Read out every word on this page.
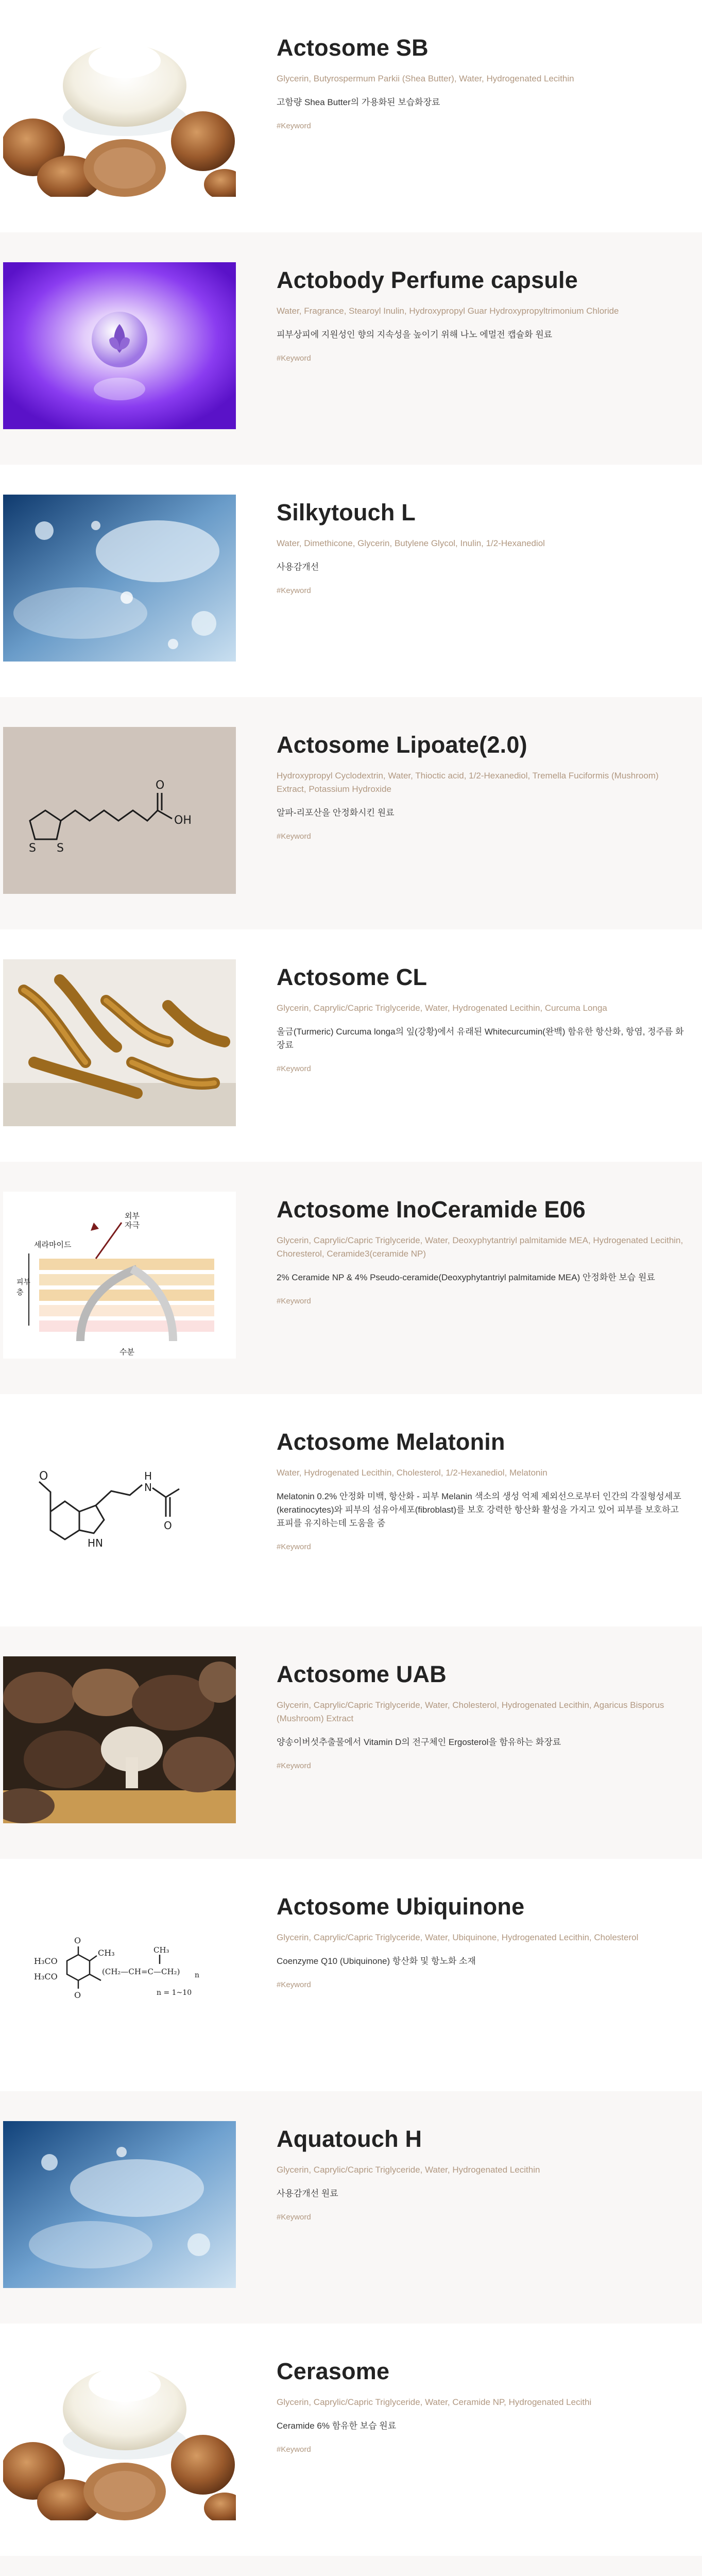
Actosome SB
Glycerin, Butyrospermum Parkii (Shea Butter), Water, Hydrogenated Lecithin
고함량 Shea Butter의 가용화된 보습화장료
#Keyword
Actobody Perfume capsule
Water, Fragrance, Stearoyl Inulin, Hydroxypropyl Guar Hydroxypropyltrimonium Chloride
피부상피에 지원성인 향의 지속성을 높이기 위해 나노 에멀전 캡슐화 원료
#Keyword
Silkytouch L
Water, Dimethicone, Glycerin, Butylene Glycol, Inulin, 1/2-Hexanediol
사용감개선
#Keyword
S S
O
OH
Actosome Lipoate(2.0)
Hydroxypropyl Cyclodextrin, Water, Thioctic acid, 1/2-Hexanediol, Tremella Fuciformis (Mushroom) Extract, Potassium Hydroxide
알파-리포산을 안정화시킨 원료
#Keyword
Actosome CL
Glycerin, Caprylic/Capric Triglyceride, Water, Hydrogenated Lecithin, Curcuma Longa
울금(Turmeric) Curcuma longa의 잎(강황)에서 유래된 Whitecurcumin(완백) 함유한 항산화, 항염, 정주름 화장료
#Keyword
세라마이드
외부
자극
피부
층
수분
Actosome InoCeramide E06
Glycerin, Caprylic/Capric Triglyceride, Water, Deoxyphytantriyl palmitamide MEA, Hydrogenated Lecithin, Choresterol, Ceramide3(ceramide NP)
2% Ceramide NP & 4% Pseudo-ceramide(Deoxyphytantriyl palmitamide MEA) 안정화한 보습 원료
#Keyword
O	H
N
HN
O
Actosome Melatonin
Water, Hydrogenated Lecithin, Cholesterol, 1/2-Hexanediol, Melatonin
Melatonin 0.2% 안정화 미백, 항산화 - 피부 Melanin 색소의 생성 억제 제외선으로부터 인간의 각질형성세포(keratinocytes)와 피부의 섬유아세포(fibroblast)를 보호 강력한 항산화 활성을 가지고 있어 피부를 보호하고 표피를 유지하는데 도움을 줌
#Keyword
Actosome UAB
Glycerin, Caprylic/Capric Triglyceride, Water, Cholesterol, Hydrogenated Lecithin, Agaricus Bisporus (Mushroom) Extract
양송이버섯추출물에서 Vitamin D의 전구체인 Ergosterol을 함유하는 화장료
#Keyword
O
O
H₃CO
H₃CO
CH₃	CH₃
(CH₂—CH=C—CH₂) n
n = 1~10
Actosome Ubiquinone
Glycerin, Caprylic/Capric Triglyceride, Water, Ubiquinone, Hydrogenated Lecithin, Cholesterol
Coenzyme Q10 (Ubiquinone) 항산화 및 항노화 소재
#Keyword
Aquatouch H
Glycerin, Caprylic/Capric Triglyceride, Water, Hydrogenated Lecithin
사용감개선 원료
#Keyword
Cerasome
Glycerin, Caprylic/Capric Triglyceride, Water, Ceramide NP, Hydrogenated Lecithi
Ceramide 6% 함유한 보습 원료
#Keyword
